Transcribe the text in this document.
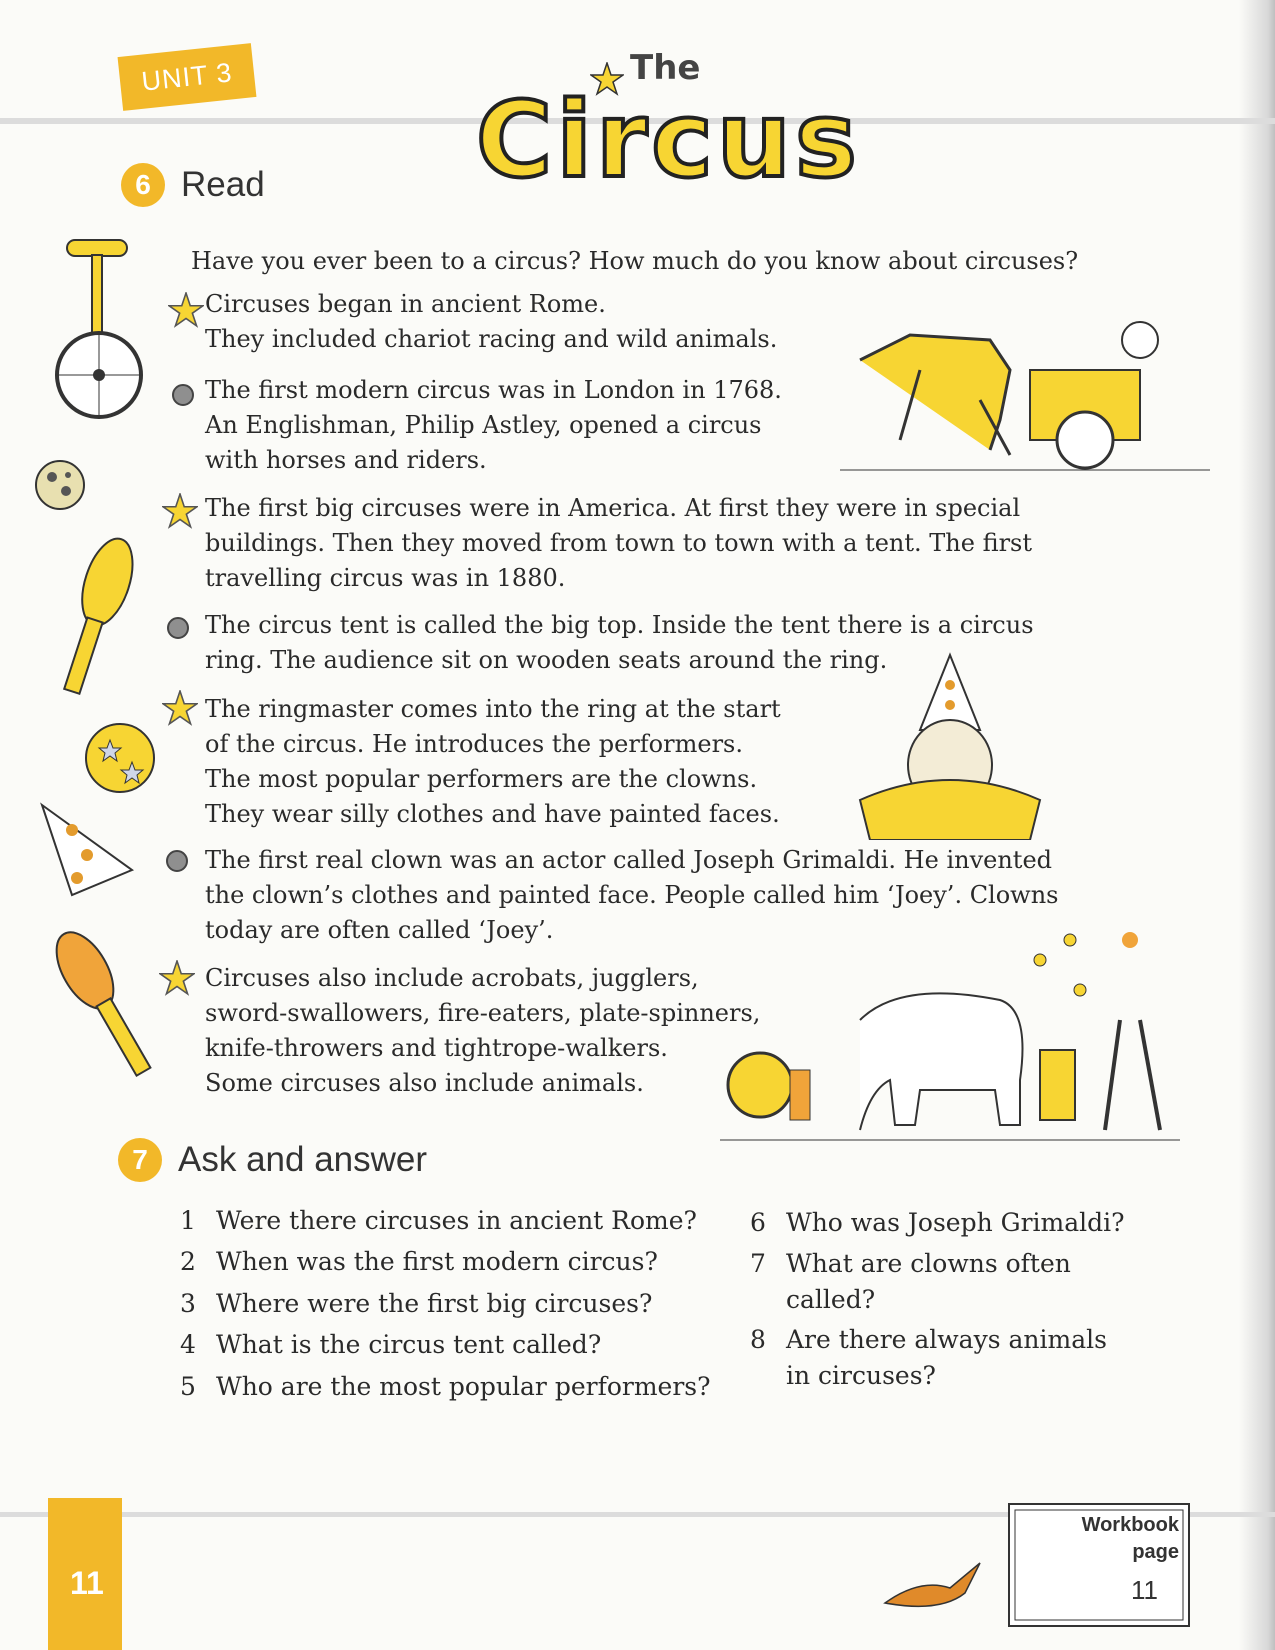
UNIT 3	The
Circus
6 Read
Have you ever been to a circus? How much do you know about circuses?
Circuses began in ancient Rome.
They included chariot racing and wild animals.
The first modern circus was in London in 1768.
An Englishman, Philip Astley, opened a circus
with horses and riders.
The first big circuses were in America. At first they were in special
buildings. Then they moved from town to town with a tent. The first
travelling circus was in 1880.
The circus tent is called the big top. Inside the tent there is a circus
ring. The audience sit on wooden seats around the ring.
The ringmaster comes into the ring at the start
of the circus. He introduces the performers.
The most popular performers are the clowns.
They wear silly clothes and have painted faces.
The first real clown was an actor called Joseph Grimaldi. He invented
the clown’s clothes and painted face. People called him ‘Joey’. Clowns
today are often called ‘Joey’.
Circuses also include acrobats, jugglers,
sword-swallowers, fire-eaters, plate-spinners,
knife-throwers and tightrope-walkers.
Some circuses also include animals.
7 Ask and answer
1 Were there circuses in ancient Rome?
2 When was the first modern circus?
3 Where were the first big circuses?
4 What is the circus tent called?
5 Who are the most popular performers?
6 Who was Joseph Grimaldi?
7 What are clowns often
called?
8 Are there always animals
in circuses?
11
Workbook
page
11
